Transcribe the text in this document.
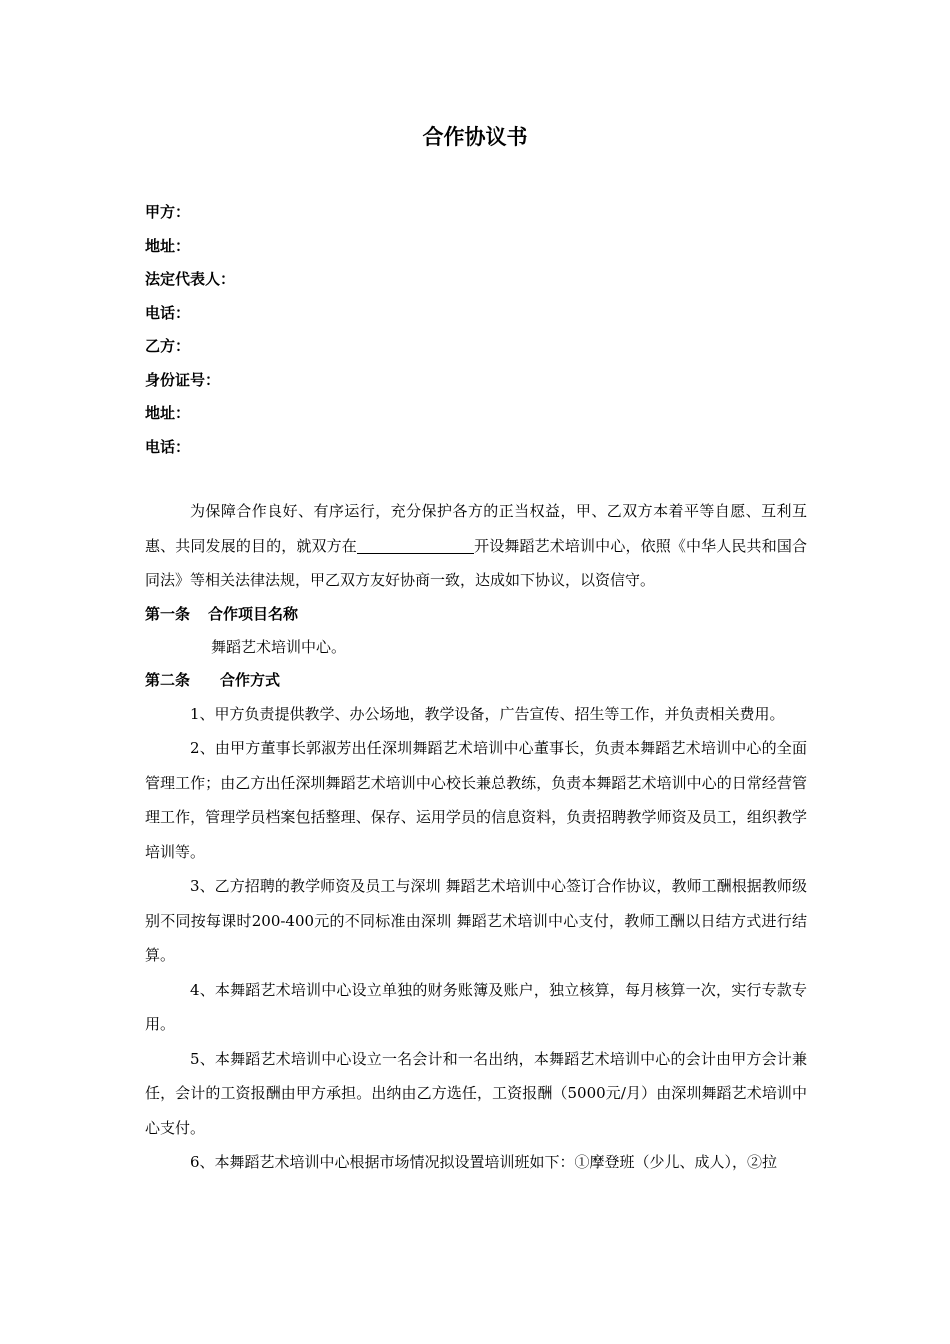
合作协议书
甲方：
地址：
法定代表人：
电话：
乙方：
身份证号：
地址：
电话：

为保障合作良好、有序运行，充分保护各方的正当权益，甲、乙双方本着平等自愿、互利互惠、共同发展的目的，就双方在	开设舞蹈艺术培训中心，依照《中华人民共和国合同法》等相关法律法规，甲乙双方友好协商一致，达成如下协议，以资信守。

第一条 合作项目名称
舞蹈艺术培训中心。
第二条 合作方式

1、甲方负责提供教学、办公场地，教学设备，广告宣传、招生等工作，并负责相关费用。

2、由甲方董事长郭淑芳出任深圳舞蹈艺术培训中心董事长，负责本舞蹈艺术培训中心的全面管理工作；由乙方出任深圳舞蹈艺术培训中心校长兼总教练，负责本舞蹈艺术培训中心的日常经营管理工作，管理学员档案包括整理、保存、运用学员的信息资料，负责招聘教学师资及员工，组织教学培训等。

3、乙方招聘的教学师资及员工与深圳 舞蹈艺术培训中心签订合作协议，教师工酬根据教师级别不同按每课时200-400元的不同标准由深圳 舞蹈艺术培训中心支付，教师工酬以日结方式进行结算。

4、本舞蹈艺术培训中心设立单独的财务账簿及账户，独立核算，每月核算一次，实行专款专用。

5、本舞蹈艺术培训中心设立一名会计和一名出纳，本舞蹈艺术培训中心的会计由甲方会计兼任，会计的工资报酬由甲方承担。出纳由乙方选任，工资报酬（5000元/月）由深圳舞蹈艺术培训中心支付。

6、本舞蹈艺术培训中心根据市场情况拟设置培训班如下：①摩登班（少儿、成人），②拉
